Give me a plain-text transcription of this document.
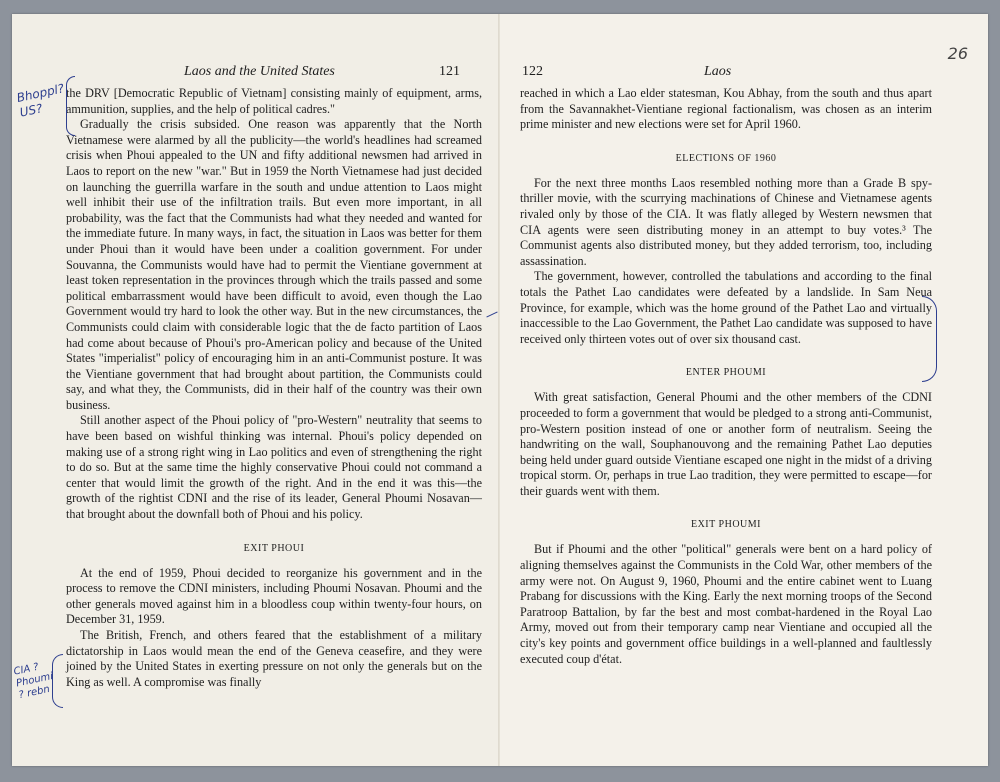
Laos and the United States	121

the DRV [Democratic Republic of Vietnam] consisting mainly of equipment, arms, ammunition, supplies, and the help of political cadres."

Gradually the crisis subsided. One reason was apparently that the North Vietnamese were alarmed by all the publicity—the world's headlines had screamed crisis when Phoui appealed to the UN and fifty additional newsmen had arrived in Laos to report on the new "war." But in 1959 the North Vietnamese had just decided on launching the guerrilla warfare in the south and undue attention to Laos might well inhibit their use of the infiltration trails. But even more important, in all probability, was the fact that the Communists had what they needed and wanted for the immediate future. In many ways, in fact, the situation in Laos was better for them under Phoui than it would have been under a coalition government. For under Souvanna, the Communists would have had to permit the Vientiane government at least token representation in the provinces through which the trails passed and some political embarrassment would have been difficult to avoid, even though the Lao Government would try hard to look the other way. But in the new circumstances, the Communists could claim with considerable logic that the de facto partition of Laos had come about because of Phoui's pro-American policy and because of the United States "imperialist" policy of encouraging him in an anti-Communist posture. It was the Vientiane government that had brought about partition, the Communists could say, and what they, the Communists, did in their half of the country was their own business.

Still another aspect of the Phoui policy of "pro-Western" neutrality that seems to have been based on wishful thinking was internal. Phoui's policy depended on making use of a strong right wing in Lao politics and even of strengthening the right to do so. But at the same time the highly conservative Phoui could not command a center that would limit the growth of the right. And in the end it was this—the growth of the rightist CDNI and the rise of its leader, General Phoumi Nosavan—that brought about the downfall both of Phoui and his policy.

EXIT PHOUI

At the end of 1959, Phoui decided to reorganize his government and in the process to remove the CDNI ministers, including Phoumi Nosavan. Phoumi and the other generals moved against him in a bloodless coup within twenty-four hours, on December 31, 1959.

The British, French, and others feared that the establishment of a military dictatorship in Laos would mean the end of the Geneva ceasefire, and they were joined by the United States in exerting pressure on not only the generals but on the King as well. A compromise was finally

122	Laos

reached in which a Lao elder statesman, Kou Abhay, from the south and thus apart from the Savannakhet-Vientiane regional factionalism, was chosen as an interim prime minister and new elections were set for April 1960.

ELECTIONS OF 1960

For the next three months Laos resembled nothing more than a Grade B spy-thriller movie, with the scurrying machinations of Chinese and Vietnamese agents rivaled only by those of the CIA. It was flatly alleged by Western newsmen that CIA agents were seen distributing money in an attempt to buy votes.³ The Communist agents also distributed money, but they added terrorism, too, including assassination.

The government, however, controlled the tabulations and according to the final totals the Pathet Lao candidates were defeated by a landslide. In Sam Neua Province, for example, which was the home ground of the Pathet Lao and virtually inaccessible to the Lao Government, the Pathet Lao candidate was supposed to have received only thirteen votes out of over six thousand cast.

ENTER PHOUMI

With great satisfaction, General Phoumi and the other members of the CDNI proceeded to form a government that would be pledged to a strong anti-Communist, pro-Western position instead of one or another form of neutralism. Seeing the handwriting on the wall, Souphanouvong and the remaining Pathet Lao deputies being held under guard outside Vientiane escaped one night in the midst of a driving tropical storm. Or, perhaps in true Lao tradition, they were permitted to escape—for their guards went with them.

EXIT PHOUMI

But if Phoumi and the other "political" generals were bent on a hard policy of aligning themselves against the Communists in the Cold War, other members of the army were not. On August 9, 1960, Phoumi and the entire cabinet went to Luang Prabang for discussions with the King. Early the next morning troops of the Second Paratroop Battalion, by far the best and most combat-hardened in the Royal Lao Army, moved out from their temporary camp near Vientiane and occupied all the city's key points and government office buildings in a well-planned and faultlessly executed coup d'état.

26
Bhoppl? US?
CIA ? Phoumi ? rebn
